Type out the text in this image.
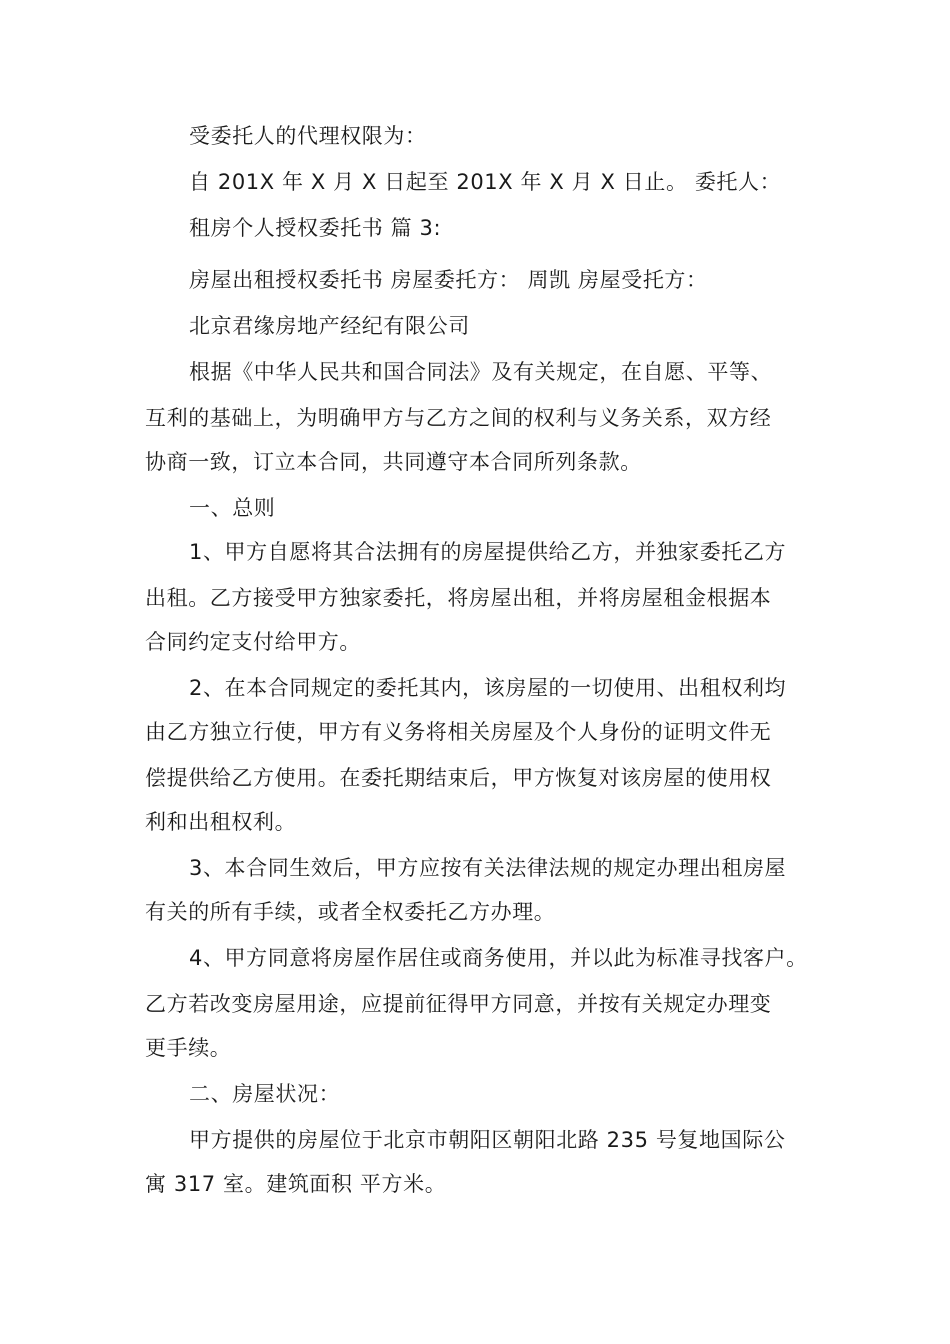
受委托人的代理权限为：
自 201X 年 X 月 X 日起至 201X 年 X 月 X 日止。 委托人：
租房个人授权委托书 篇 3:
房屋出租授权委托书 房屋委托方： 周凯 房屋受托方：
北京君缘房地产经纪有限公司
根据《中华人民共和国合同法》及有关规定，在自愿、平等、
互利的基础上，为明确甲方与乙方之间的权利与义务关系，双方经
协商一致，订立本合同，共同遵守本合同所列条款。
一、总则
1、甲方自愿将其合法拥有的房屋提供给乙方，并独家委托乙方
出租。乙方接受甲方独家委托，将房屋出租，并将房屋租金根据本
合同约定支付给甲方。
2、在本合同规定的委托其内，该房屋的一切使用、出租权利均
由乙方独立行使，甲方有义务将相关房屋及个人身份的证明文件无
偿提供给乙方使用。在委托期结束后，甲方恢复对该房屋的使用权
利和出租权利。
3、本合同生效后，甲方应按有关法律法规的规定办理出租房屋
有关的所有手续，或者全权委托乙方办理。
4、甲方同意将房屋作居住或商务使用，并以此为标准寻找客户。
乙方若改变房屋用途，应提前征得甲方同意，并按有关规定办理变
更手续。
二、房屋状况：
甲方提供的房屋位于北京市朝阳区朝阳北路 235 号复地国际公
寓 317 室。建筑面积 平方米。
